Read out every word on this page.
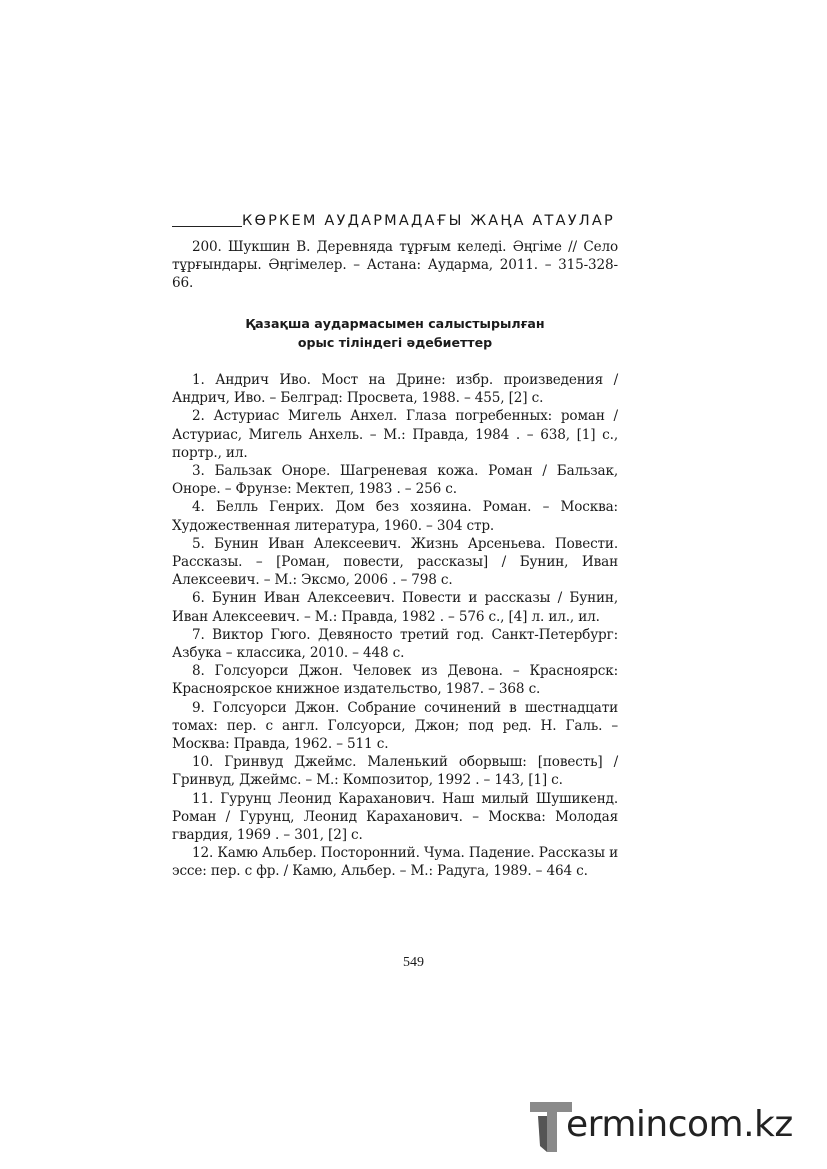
КӨРКЕМ АУДАРМАДАҒЫ ЖАҢА АТАУЛАР

200. Шукшин В. Деревняда тұрғым келеді. Әңгіме // Село тұрғындары. Әңгімелер. – Астана: Аударма, 2011. – 315-328-66.

Қазақша аудармасымен салыстырылған
орыс тіліндегі әдебиеттер

1. Андрич Иво. Мост на Дрине: избр. произведения / Андрич, Иво. – Белград: Просвета, 1988. – 455, [2] с.

2. Астуриас Мигель Анхел. Глаза погребенных: роман / Астуриас, Мигель Анхель. – М.: Правда, 1984 . – 638, [1] с., портр., ил.

3. Бальзак Оноре. Шагреневая кожа. Роман / Бальзак, Оноре. – Фрунзе: Мектеп, 1983 . – 256 с.

4. Белль Генрих. Дом без хозяина. Роман. – Москва: Художественная литература, 1960. – 304 стр.

5. Бунин Иван Алексеевич. Жизнь Арсеньева. Повести. Рассказы. – [Роман, повести, рассказы] / Бунин, Иван Алексеевич. – М.: Эксмо, 2006 . – 798 с.

6. Бунин Иван Алексеевич. Повести и рассказы / Бунин, Иван Алексеевич. – М.: Правда, 1982 . – 576 с., [4] л. ил., ил.

7. Виктор Гюго. Девяносто третий год. Санкт-Петербург: Азбука – классика, 2010. – 448 с.

8. Голсуорси Джон. Человек из Девона. – Красноярск: Красноярское книжное издательство, 1987. – 368 с.

9. Голсуорси Джон. Собрание сочинений в шестнадцати томах: пер. с англ. Голсуорси, Джон; под ред. Н. Галь. – Москва: Правда, 1962. – 511 с.

10. Гринвуд Джеймс. Маленький оборвыш: [повесть] / Гринвуд, Джеймс. – М.: Композитор, 1992 . – 143, [1] с.

11. Гурунц Леонид Караханович. Наш милый Шушикенд. Роман / Гурунц, Леонид Караханович. – Москва: Молодая гвардия, 1969 . – 301, [2] с.

12. Камю Альбер. Посторонний. Чума. Падение. Рассказы и эссе: пер. с фр. / Камю, Альбер. – М.: Радуга, 1989. – 464 с.

549
ermincom.kz
